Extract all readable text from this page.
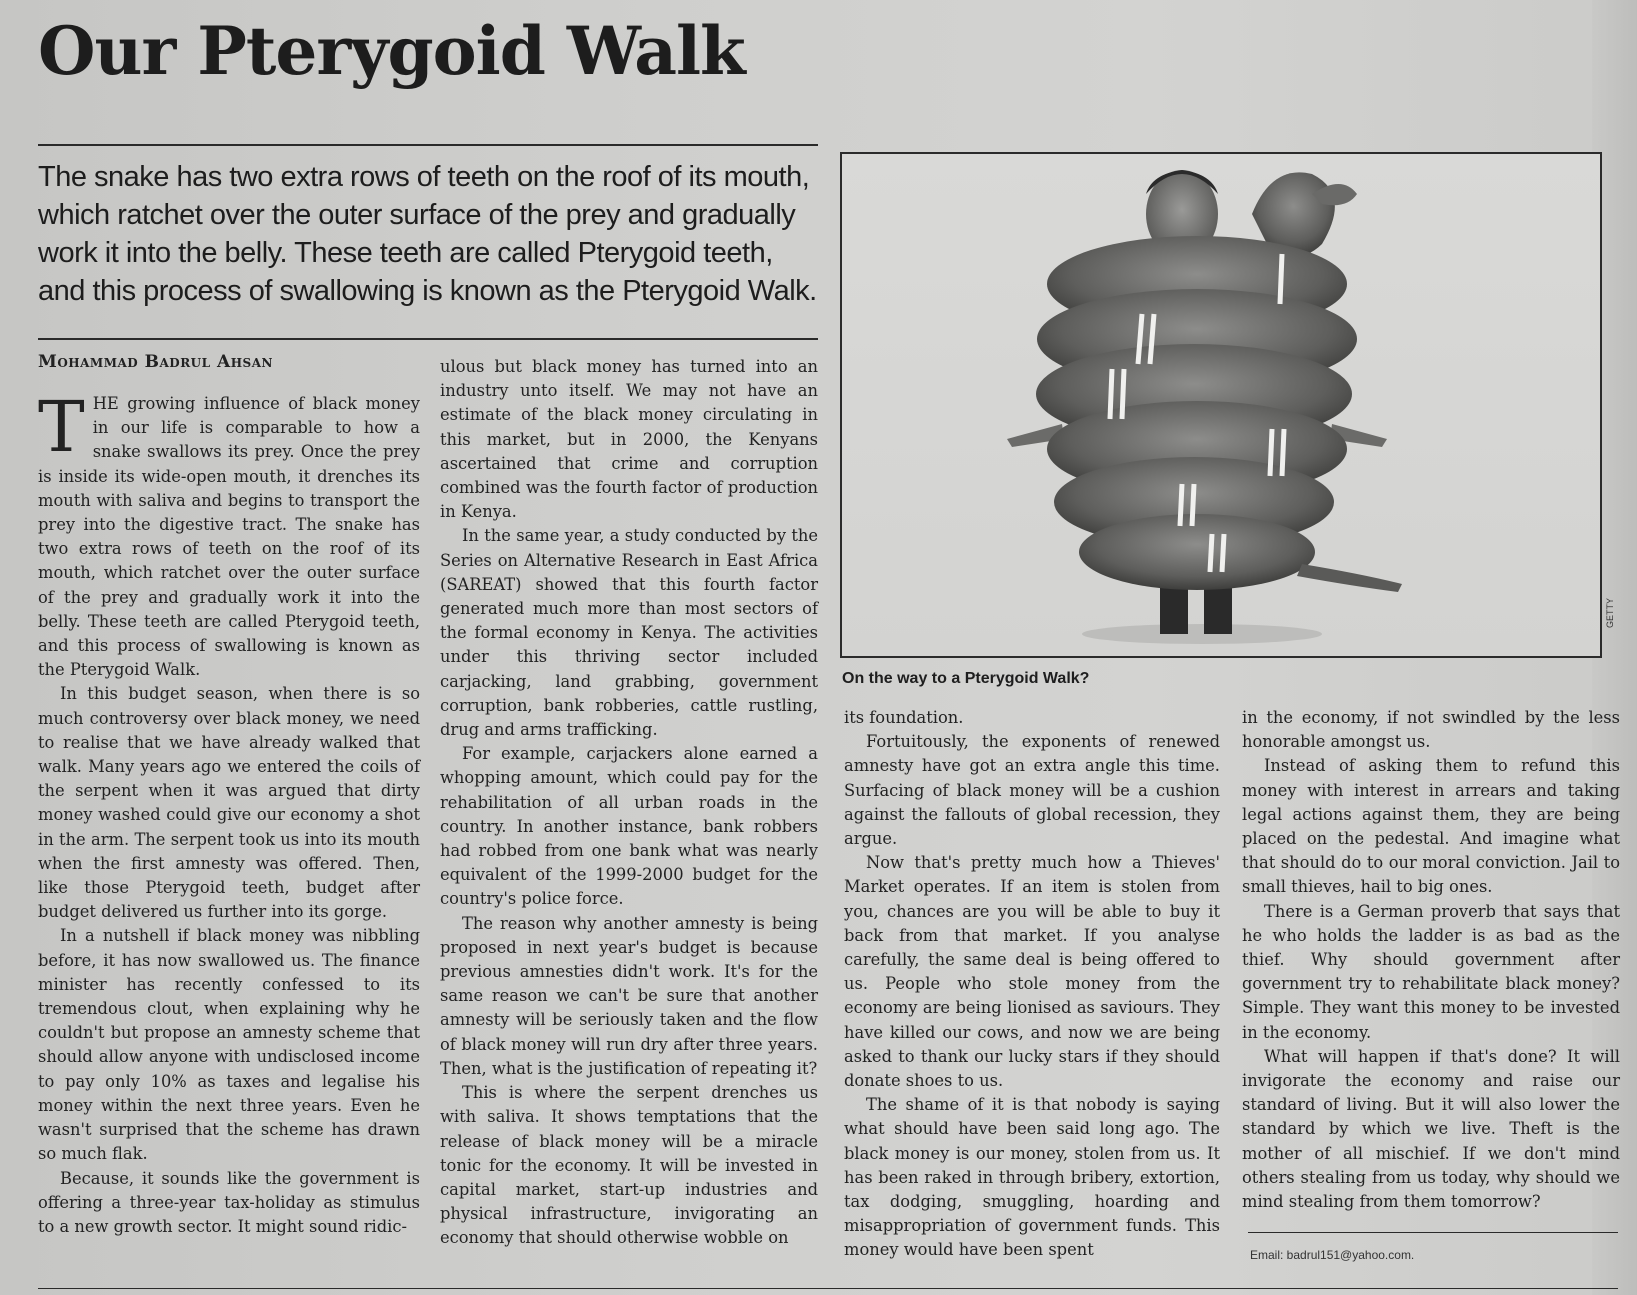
Our Pterygoid Walk

The snake has two extra rows of teeth on the roof of its mouth, which ratchet over the outer surface of the prey and gradually work it into the belly. These teeth are called Pterygoid teeth, and this process of swallowing is known as the Pterygoid Walk.

Mohammad Badrul Ahsan

THE growing influence of black money in our life is comparable to how a snake swallows its prey. Once the prey is inside its wide-open mouth, it drenches its mouth with saliva and begins to transport the prey into the digestive tract. The snake has two extra rows of teeth on the roof of its mouth, which ratchet over the outer surface of the prey and gradually work it into the belly. These teeth are called Pterygoid teeth, and this process of swallowing is known as the Pterygoid Walk.

In this budget season, when there is so much controversy over black money, we need to realise that we have already walked that walk. Many years ago we entered the coils of the serpent when it was argued that dirty money washed could give our economy a shot in the arm. The serpent took us into its mouth when the first amnesty was offered. Then, like those Pterygoid teeth, budget after budget delivered us further into its gorge.

In a nutshell if black money was nibbling before, it has now swallowed us. The finance minister has recently confessed to its tremendous clout, when explaining why he couldn't but propose an amnesty scheme that should allow anyone with undisclosed income to pay only 10% as taxes and legalise his money within the next three years. Even he wasn't surprised that the scheme has drawn so much flak.

Because, it sounds like the government is offering a three-year tax-holiday as stimulus to a new growth sector. It might sound ridic-

ulous but black money has turned into an industry unto itself. We may not have an estimate of the black money circulating in this market, but in 2000, the Kenyans ascertained that crime and corruption combined was the fourth factor of production in Kenya.

In the same year, a study conducted by the Series on Alternative Research in East Africa (SAREAT) showed that this fourth factor generated much more than most sectors of the formal economy in Kenya. The activities under this thriving sector included carjacking, land grabbing, government corruption, bank robberies, cattle rustling, drug and arms trafficking.

For example, carjackers alone earned a whopping amount, which could pay for the rehabilitation of all urban roads in the country. In another instance, bank robbers had robbed from one bank what was nearly equivalent of the 1999-2000 budget for the country's police force.

The reason why another amnesty is being proposed in next year's budget is because previous amnesties didn't work. It's for the same reason we can't be sure that another amnesty will be seriously taken and the flow of black money will run dry after three years. Then, what is the justification of repeating it?

This is where the serpent drenches us with saliva. It shows temptations that the release of black money will be a miracle tonic for the economy. It will be invested in capital market, start-up industries and physical infrastructure, invigorating an economy that should otherwise wobble on

GETTY
On the way to a Pterygoid Walk?

its foundation.

Fortuitously, the exponents of renewed amnesty have got an extra angle this time. Surfacing of black money will be a cushion against the fallouts of global recession, they argue.

Now that's pretty much how a Thieves' Market operates. If an item is stolen from you, chances are you will be able to buy it back from that market. If you analyse carefully, the same deal is being offered to us. People who stole money from the economy are being lionised as saviours. They have killed our cows, and now we are being asked to thank our lucky stars if they should donate shoes to us.

The shame of it is that nobody is saying what should have been said long ago. The black money is our money, stolen from us. It has been raked in through bribery, extortion, tax dodging, smuggling, hoarding and misappropriation of government funds. This money would have been spent

in the economy, if not swindled by the less honorable amongst us.

Instead of asking them to refund this money with interest in arrears and taking legal actions against them, they are being placed on the pedestal. And imagine what that should do to our moral conviction. Jail to small thieves, hail to big ones.

There is a German proverb that says that he who holds the ladder is as bad as the thief. Why should government after government try to rehabilitate black money? Simple. They want this money to be invested in the economy.

What will happen if that's done? It will invigorate the economy and raise our standard of living. But it will also lower the standard by which we live. Theft is the mother of all mischief. If we don't mind others stealing from us today, why should we mind stealing from them tomorrow?

Email: badrul151@yahoo.com.
